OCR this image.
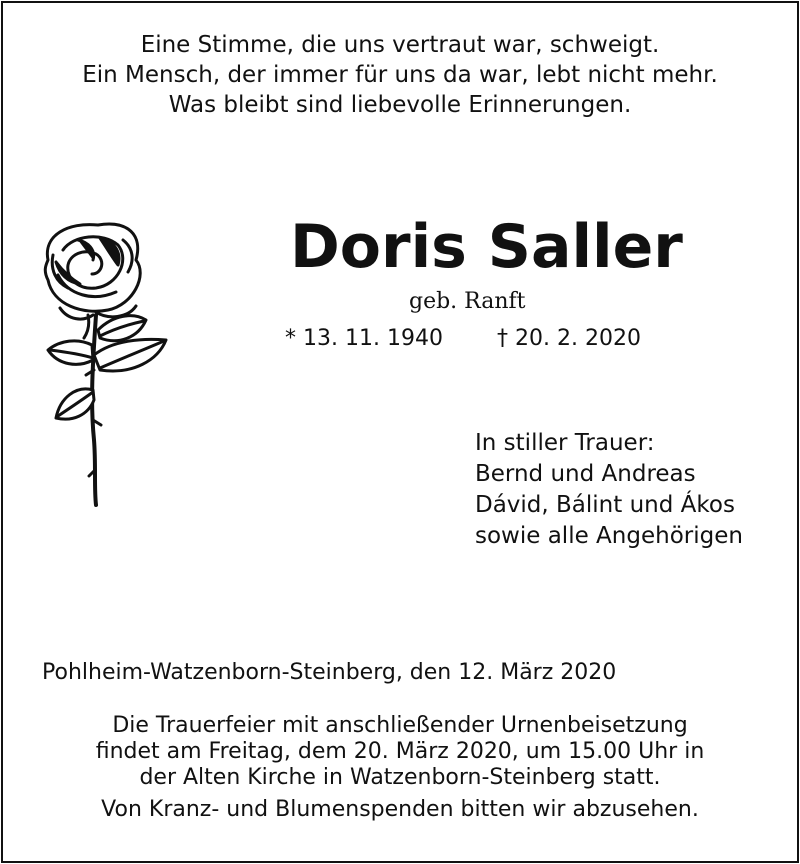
Eine Stimme, die uns vertraut war, schweigt.
Ein Mensch, der immer für uns da war, lebt nicht mehr.
Was bleibt sind liebevolle Erinnerungen.
Doris Saller
geb. Ranft
* 13. 11. 1940 † 20. 2. 2020
In stiller Trauer:
Bernd und Andreas
Dávid, Bálint und Ákos
sowie alle Angehörigen
Pohlheim-Watzenborn-Steinberg, den 12. März 2020
Die Trauerfeier mit anschließender Urnenbeisetzung
findet am Freitag, dem 20. März 2020, um 15.00 Uhr in
der Alten Kirche in Watzenborn-Steinberg statt.
Von Kranz- und Blumenspenden bitten wir abzusehen.
